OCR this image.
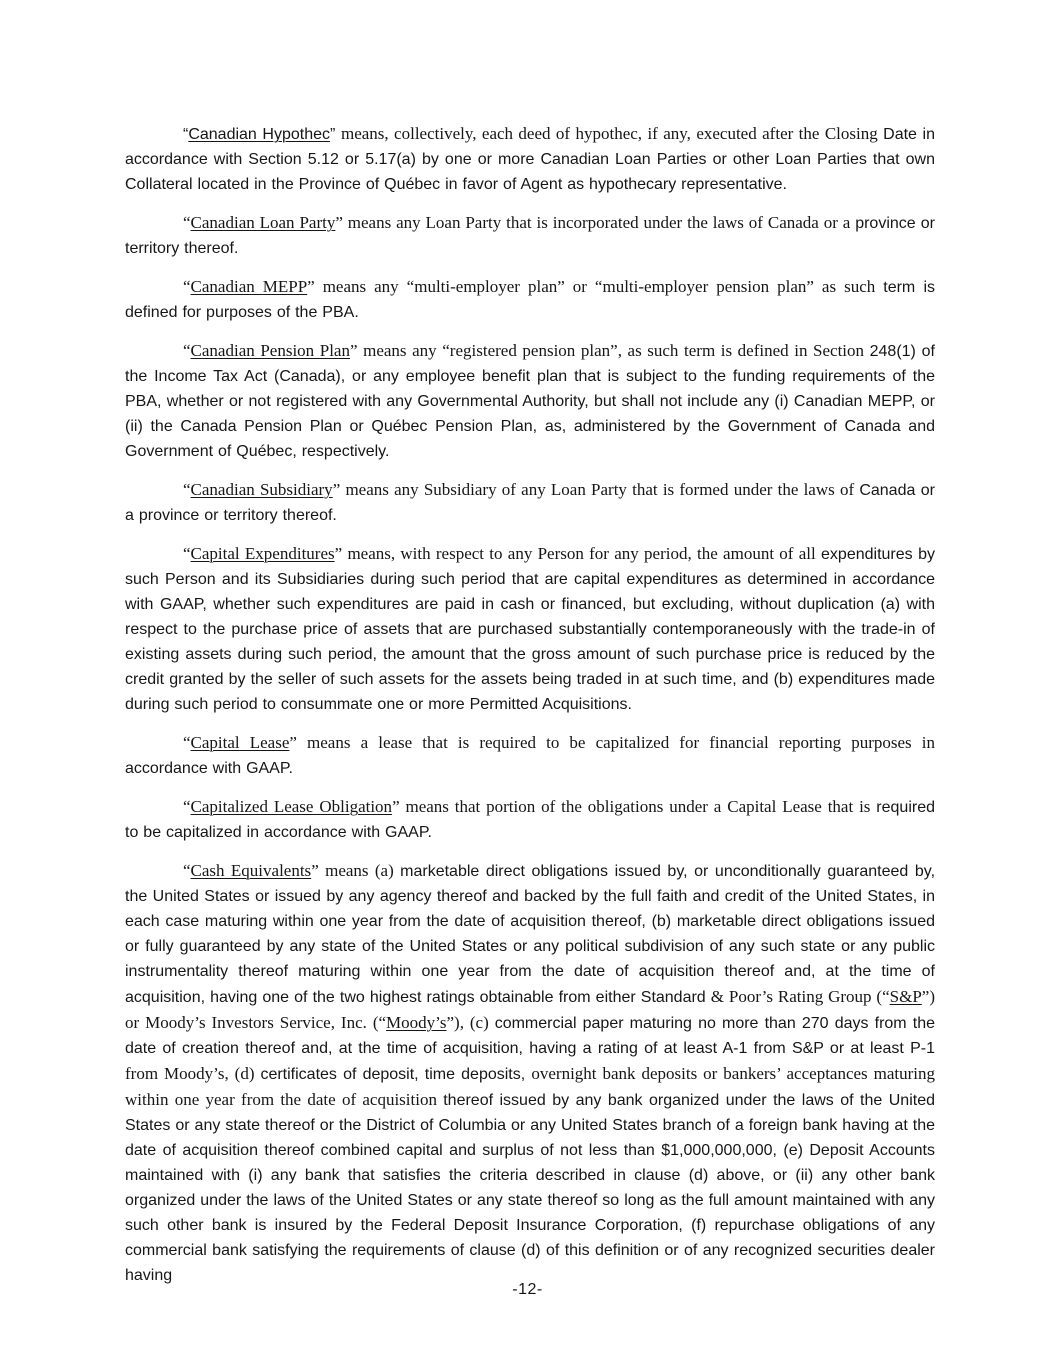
“Canadian Hypothec” means, collectively, each deed of hypothec, if any, executed after the Closing Date in accordance with Section 5.12 or 5.17(a) by one or more Canadian Loan Parties or other Loan Parties that own Collateral located in the Province of Québec in favor of Agent as hypothecary representative.

“Canadian Loan Party” means any Loan Party that is incorporated under the laws of Canada or a province or territory thereof.

“Canadian MEPP” means any “multi-employer plan” or “multi-employer pension plan” as such term is defined for purposes of the PBA.

“Canadian Pension Plan” means any “registered pension plan”, as such term is defined in Section 248(1) of the Income Tax Act (Canada), or any employee benefit plan that is subject to the funding requirements of the PBA, whether or not registered with any Governmental Authority, but shall not include any (i) Canadian MEPP, or (ii) the Canada Pension Plan or Québec Pension Plan, as, administered by the Government of Canada and Government of Québec, respectively.

“Canadian Subsidiary” means any Subsidiary of any Loan Party that is formed under the laws of Canada or a province or territory thereof.

“Capital Expenditures” means, with respect to any Person for any period, the amount of all expenditures by such Person and its Subsidiaries during such period that are capital expenditures as determined in accordance with GAAP, whether such expenditures are paid in cash or financed, but excluding, without duplication (a) with respect to the purchase price of assets that are purchased substantially contemporaneously with the trade-in of existing assets during such period, the amount that the gross amount of such purchase price is reduced by the credit granted by the seller of such assets for the assets being traded in at such time, and (b) expenditures made during such period to consummate one or more Permitted Acquisitions.

“Capital Lease” means a lease that is required to be capitalized for financial reporting purposes in accordance with GAAP.

“Capitalized Lease Obligation” means that portion of the obligations under a Capital Lease that is required to be capitalized in accordance with GAAP.

“Cash Equivalents” means (a) marketable direct obligations issued by, or unconditionally guaranteed by, the United States or issued by any agency thereof and backed by the full faith and credit of the United States, in each case maturing within one year from the date of acquisition thereof, (b) marketable direct obligations issued or fully guaranteed by any state of the United States or any political subdivision of any such state or any public instrumentality thereof maturing within one year from the date of acquisition thereof and, at the time of acquisition, having one of the two highest ratings obtainable from either Standard & Poor’s Rating Group (“S&P”) or Moody’s Investors Service, Inc. (“Moody’s”), (c) commercial paper maturing no more than 270 days from the date of creation thereof and, at the time of acquisition, having a rating of at least A-1 from S&P or at least P-1 from Moody’s, (d) certificates of deposit, time deposits, overnight bank deposits or bankers’ acceptances maturing within one year from the date of acquisition thereof issued by any bank organized under the laws of the United States or any state thereof or the District of Columbia or any United States branch of a foreign bank having at the date of acquisition thereof combined capital and surplus of not less than $1,000,000,000, (e) Deposit Accounts maintained with (i) any bank that satisfies the criteria described in clause (d) above, or (ii) any other bank organized under the laws of the United States or any state thereof so long as the full amount maintained with any such other bank is insured by the Federal Deposit Insurance Corporation, (f) repurchase obligations of any commercial bank satisfying the requirements of clause (d) of this definition or of any recognized securities dealer having

-12-
